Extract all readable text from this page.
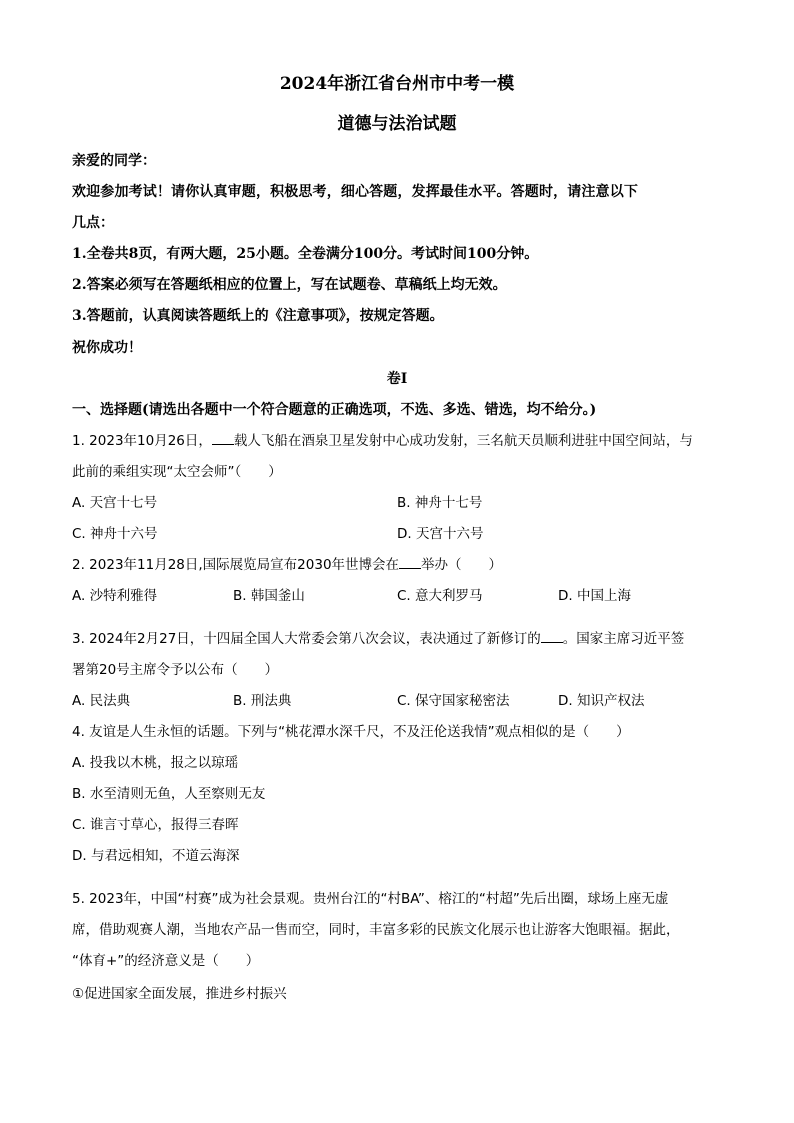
2024年浙江省台州市中考一模
道德与法治试题
亲爱的同学：
欢迎参加考试！请你认真审题，积极思考，细心答题，发挥最佳水平。答题时，请注意以下
几点：
1.全卷共8页，有两大题，25小题。全卷满分100分。考试时间100分钟。
2.答案必须写在答题纸相应的位置上，写在试题卷、草稿纸上均无效。
3.答题前，认真阅读答题纸上的《注意事项》，按规定答题。
祝你成功！
卷Ⅰ
一、选择题(请选出各题中一个符合题意的正确选项，不选、多选、错选，均不给分。)
1. 2023年10月26日， 载人飞船在酒泉卫星发射中心成功发射，三名航天员顺利进驻中国空间站，与
此前的乘组实现“太空会师”（　　）
A. 天宫十七号	B. 神舟十七号
C. 神舟十六号	D. 天宫十六号
2. 2023年11月28日,国际展览局宣布2030年世博会在 举办（　　）
A. 沙特利雅得	B. 韩国釜山	C. 意大利罗马	D. 中国上海
3. 2024年2月27日，十四届全国人大常委会第八次会议，表决通过了新修订的 。国家主席习近平签
署第20号主席令予以公布（　　）
A. 民法典	B. 刑法典	C. 保守国家秘密法	D. 知识产权法
4. 友谊是人生永恒的话题。下列与“桃花潭水深千尺，不及汪伦送我情”观点相似的是（　　）
A. 投我以木桃，报之以琼瑶
B. 水至清则无鱼，人至察则无友
C. 谁言寸草心，报得三春晖
D. 与君远相知，不道云海深
5. 2023年，中国“村赛”成为社会景观。贵州台江的“村BA”、榕江的“村超”先后出圈，球场上座无虚
席，借助观赛人潮，当地农产品一售而空，同时，丰富多彩的民族文化展示也让游客大饱眼福。据此，
“体育+”的经济意义是（　　）
①促进国家全面发展，推进乡村振兴
